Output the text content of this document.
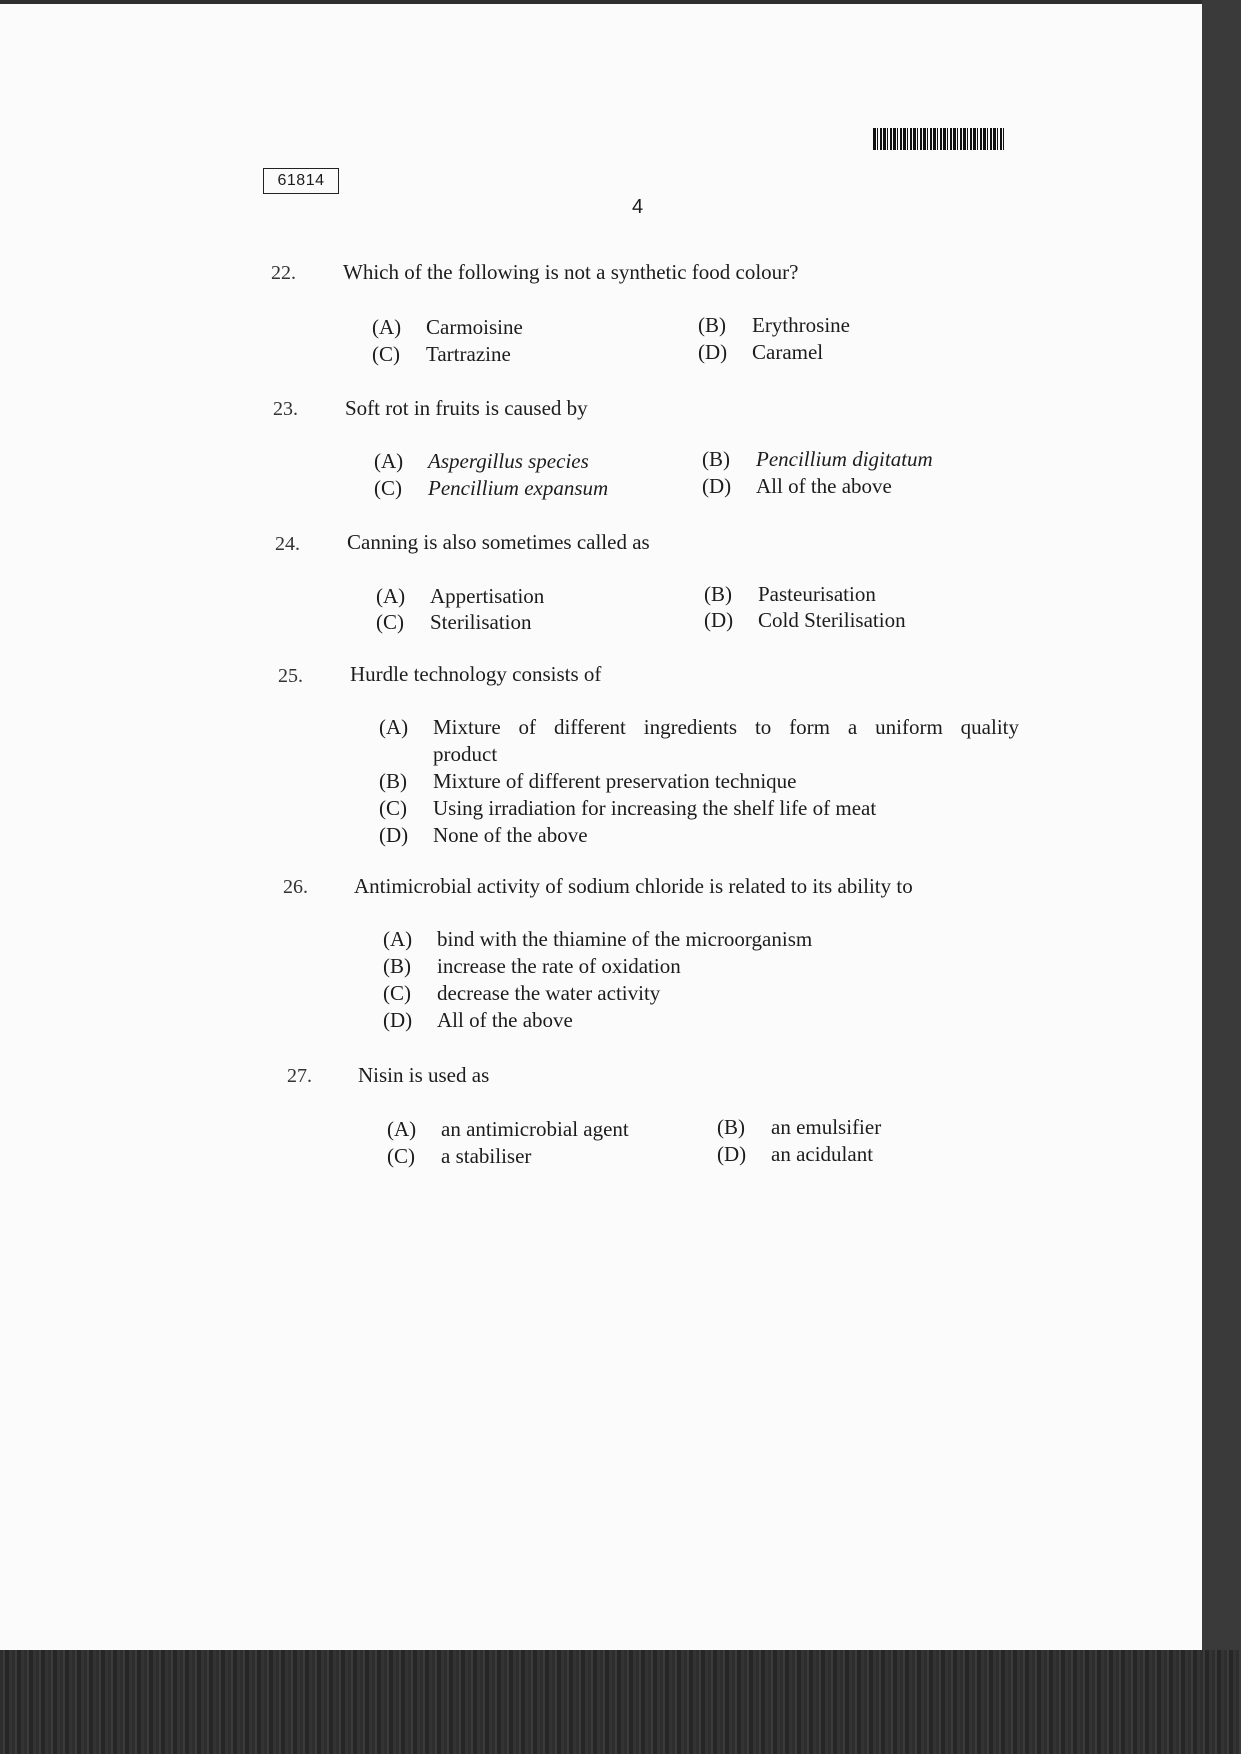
61814
4
22. Which of the following is not a synthetic food colour?
(A) Carmoisine	(B) Erythrosine
(C) Tartrazine	(D) Caramel
23. Soft rot in fruits is caused by
(A) Aspergillus species	(B) Pencillium digitatum
(C) Pencillium expansum	(D) All of the above
24. Canning is also sometimes called as
(A) Appertisation	(B) Pasteurisation
(C) Sterilisation	(D) Cold Sterilisation
25. Hurdle technology consists of
(A)	Mixture of different ingredients to form a uniform quality
product
(B)	Mixture of different preservation technique
(C)	Using irradiation for increasing the shelf life of meat
(D)	None of the above
26. Antimicrobial activity of sodium chloride is related to its ability to
(A)	bind with the thiamine of the microorganism
(B)	increase the rate of oxidation
(C)	decrease the water activity
(D)	All of the above
27. Nisin is used as
(A) an antimicrobial agent	(B) an emulsifier
(C) a stabiliser	(D) an acidulant
